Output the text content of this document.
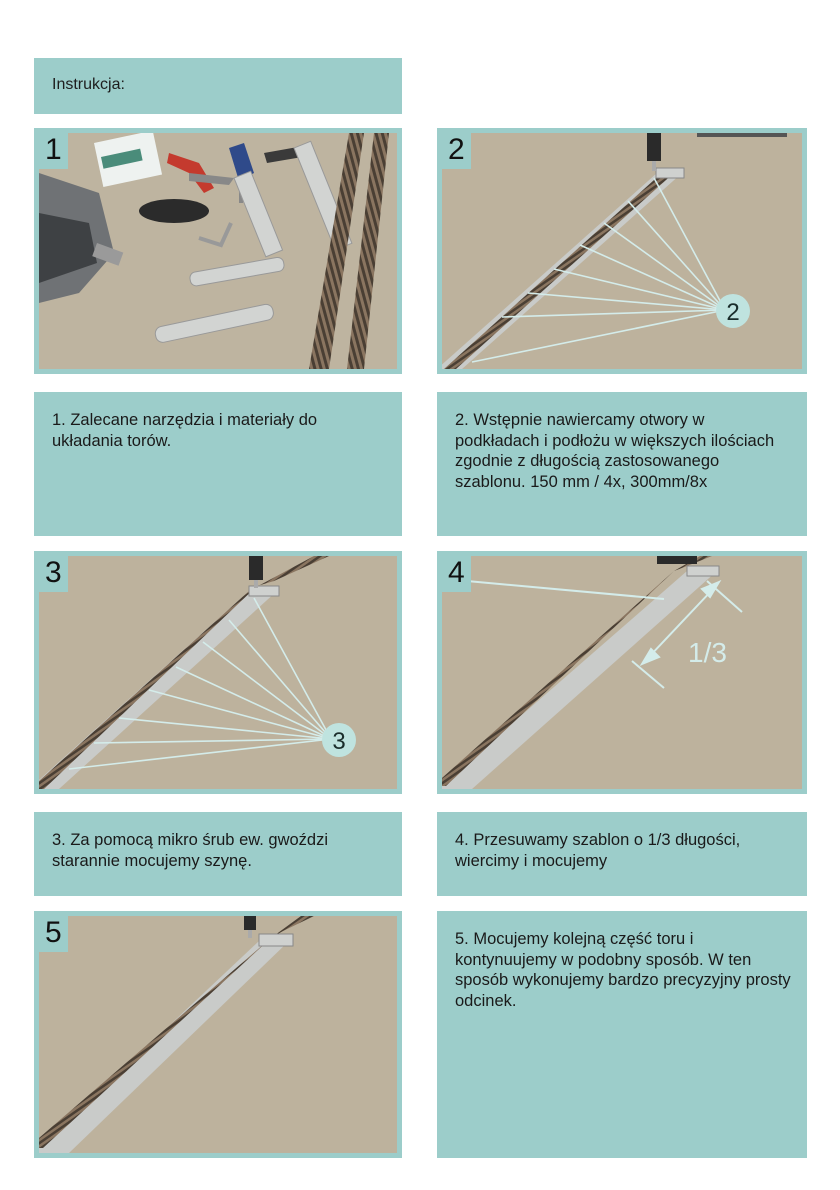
Instrukcja:
1
2
2

1. Zalecane narzędzia i materiały do układania torów.

2. Wstępnie nawiercamy otwory w podkładach i podłożu w większych ilościach zgodnie z długością zastosowanego szablonu. 150 mm / 4x, 300mm/8x

3
3
1/3
4

3. Za pomocą mikro śrub ew. gwoździ starannie mocujemy szynę.

4. Przesuwamy szablon o 1/3 długości, wiercimy i mocujemy

5	5. Mocujemy kolejną część toru i kontynuujemy w podobny sposób. W ten sposób wykonujemy bardzo precyzyjny prosty odcinek.
